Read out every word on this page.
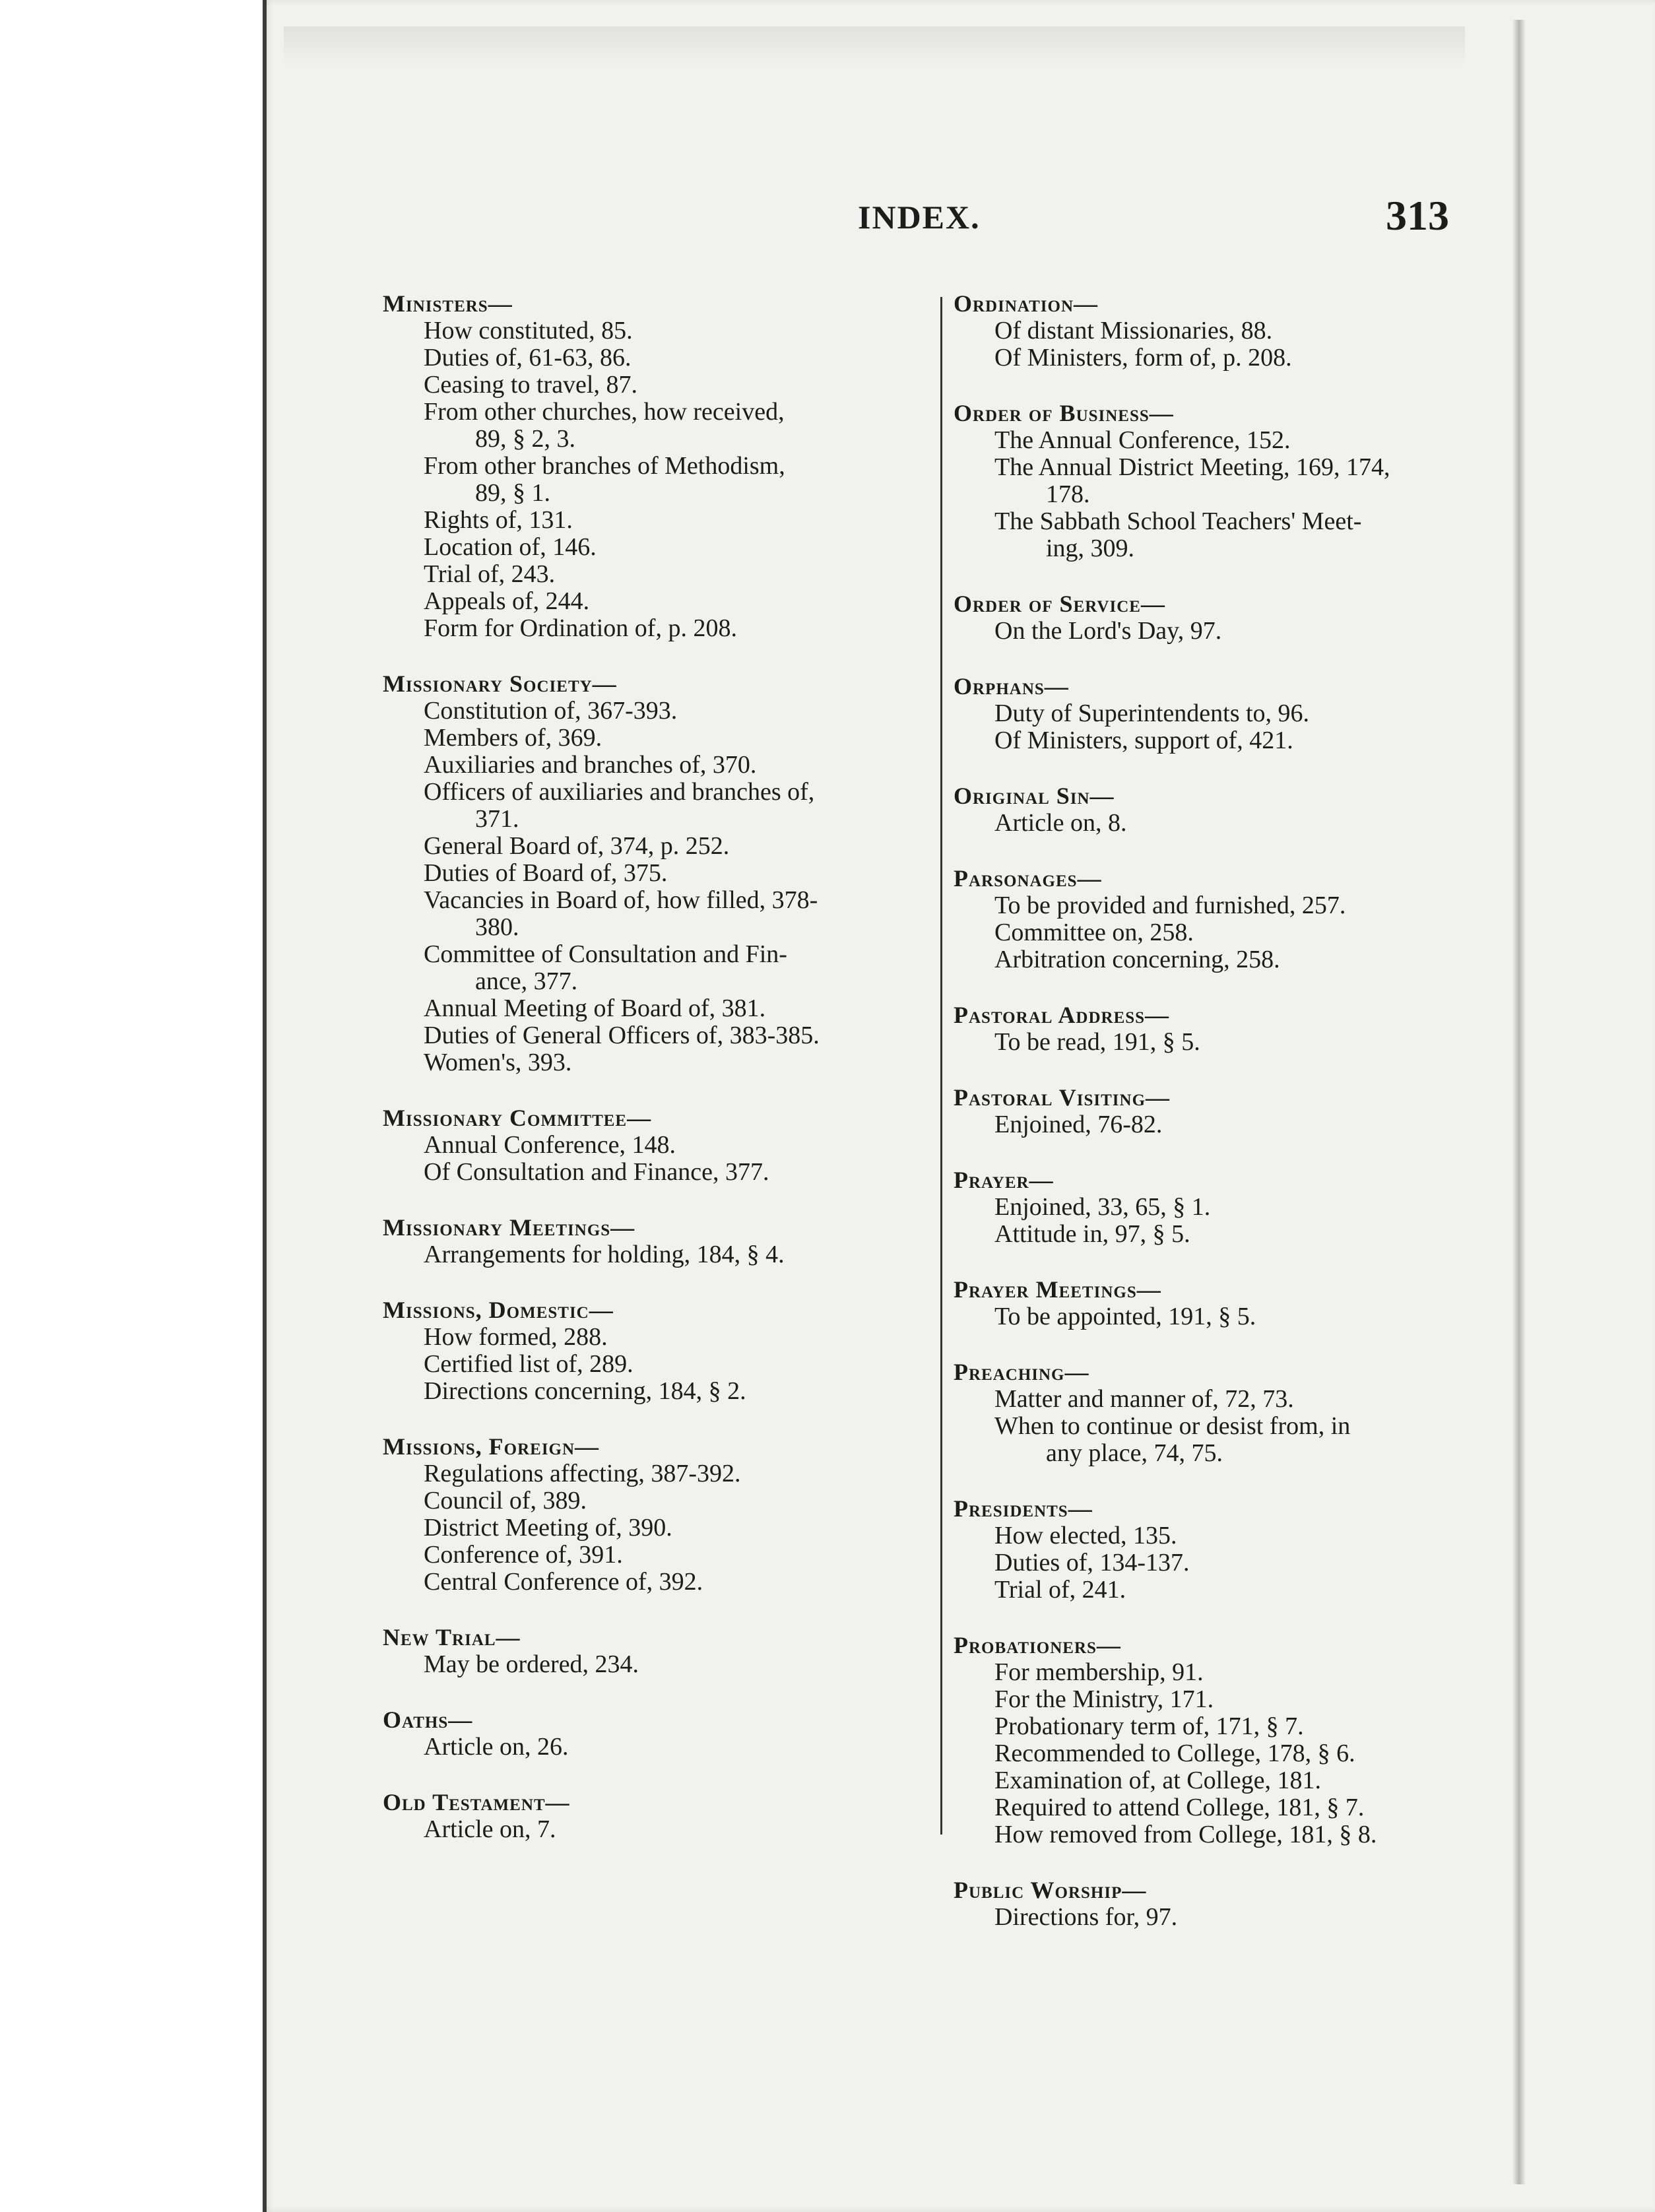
INDEX.	313
Ministers—
How constituted, 85.
Duties of, 61-63, 86.
Ceasing to travel, 87.
From other churches, how received,
89, § 2, 3.
From other branches of Methodism,
89, § 1.
Rights of, 131.
Location of, 146.
Trial of, 243.
Appeals of, 244.
Form for Ordination of, p. 208.
Missionary Society—
Constitution of, 367-393.
Members of, 369.
Auxiliaries and branches of, 370.
Officers of auxiliaries and branches of,
371.
General Board of, 374, p. 252.
Duties of Board of, 375.
Vacancies in Board of, how filled, 378-
380.
Committee of Consultation and Fin-
ance, 377.
Annual Meeting of Board of, 381.
Duties of General Officers of, 383-385.
Women's, 393.
Missionary Committee—
Annual Conference, 148.
Of Consultation and Finance, 377.
Missionary Meetings—
Arrangements for holding, 184, § 4.
Missions, Domestic—
How formed, 288.
Certified list of, 289.
Directions concerning, 184, § 2.
Missions, Foreign—
Regulations affecting, 387-392.
Council of, 389.
District Meeting of, 390.
Conference of, 391.
Central Conference of, 392.
New Trial—
May be ordered, 234.
Oaths—
Article on, 26.
Old Testament—
Article on, 7.
Ordination—
Of distant Missionaries, 88.
Of Ministers, form of, p. 208.
Order of Business—
The Annual Conference, 152.
The Annual District Meeting, 169, 174,
178.
The Sabbath School Teachers' Meet-
ing, 309.
Order of Service—
On the Lord's Day, 97.
Orphans—
Duty of Superintendents to, 96.
Of Ministers, support of, 421.
Original Sin—
Article on, 8.
Parsonages—
To be provided and furnished, 257.
Committee on, 258.
Arbitration concerning, 258.
Pastoral Address—
To be read, 191, § 5.
Pastoral Visiting—
Enjoined, 76-82.
Prayer—
Enjoined, 33, 65, § 1.
Attitude in, 97, § 5.
Prayer Meetings—
To be appointed, 191, § 5.
Preaching—
Matter and manner of, 72, 73.
When to continue or desist from, in
any place, 74, 75.
Presidents—
How elected, 135.
Duties of, 134-137.
Trial of, 241.
Probationers—
For membership, 91.
For the Ministry, 171.
Probationary term of, 171, § 7.
Recommended to College, 178, § 6.
Examination of, at College, 181.
Required to attend College, 181, § 7.
How removed from College, 181, § 8.
Public Worship—
Directions for, 97.
